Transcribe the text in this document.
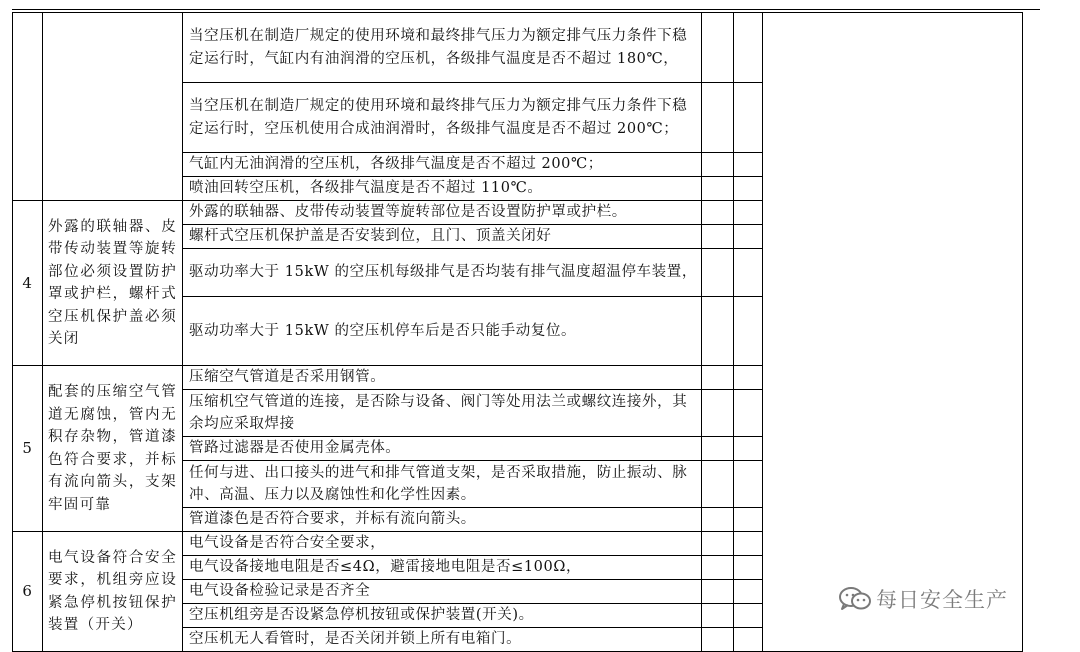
		当空压机在制造厂规定的使用环境和最终排气压力为额定排气压力条件下稳定运行时，气缸内有油润滑的空压机，各级排气温度是否不超过 180℃，			
		当空压机在制造厂规定的使用环境和最终排气压力为额定排气压力条件下稳定运行时，空压机使用合成油润滑时，各级排气温度是否不超过 200℃；			
		气缸内无油润滑的空压机，各级排气温度是否不超过 200℃；			
		喷油回转空压机，各级排气温度是否不超过 110℃。			
4	外露的联轴器、皮带传动装置等旋转部位必须设置防护罩或护栏，螺杆式空压机保护盖必须关闭	外露的联轴器、皮带传动装置等旋转部位是否设置防护罩或护栏。			
		螺杆式空压机保护盖是否安装到位，且门、顶盖关闭好			
		驱动功率大于 15kW 的空压机每级排气是否均装有排气温度超温停车装置，			
		驱动功率大于 15kW 的空压机停车后是否只能手动复位。			
5	配套的压缩空气管道无腐蚀，管内无积存杂物，管道漆色符合要求，并标有流向箭头，支架牢固可靠	压缩空气管道是否采用钢管。			
		压缩机空气管道的连接，是否除与设备、阀门等处用法兰或螺纹连接外，其余均应采取焊接			
		管路过滤器是否使用金属壳体。			
		任何与进、出口接头的进气和排气管道支架，是否采取措施，防止振动、脉冲、高温、压力以及腐蚀性和化学性因素。			
		管道漆色是否符合要求，并标有流向箭头。			
6	电气设备符合安全要求，机组旁应设紧急停机按钮保护装置（开关）	电气设备是否符合安全要求，			
		电气设备接地电阻是否≤4Ω，避雷接地电阻是否≤100Ω，			
		电气设备检验记录是否齐全			
		空压机组旁是否设紧急停机按钮或保护装置(开关)。			
		空压机无人看管时，是否关闭并锁上所有电箱门。			
每日安全生产
